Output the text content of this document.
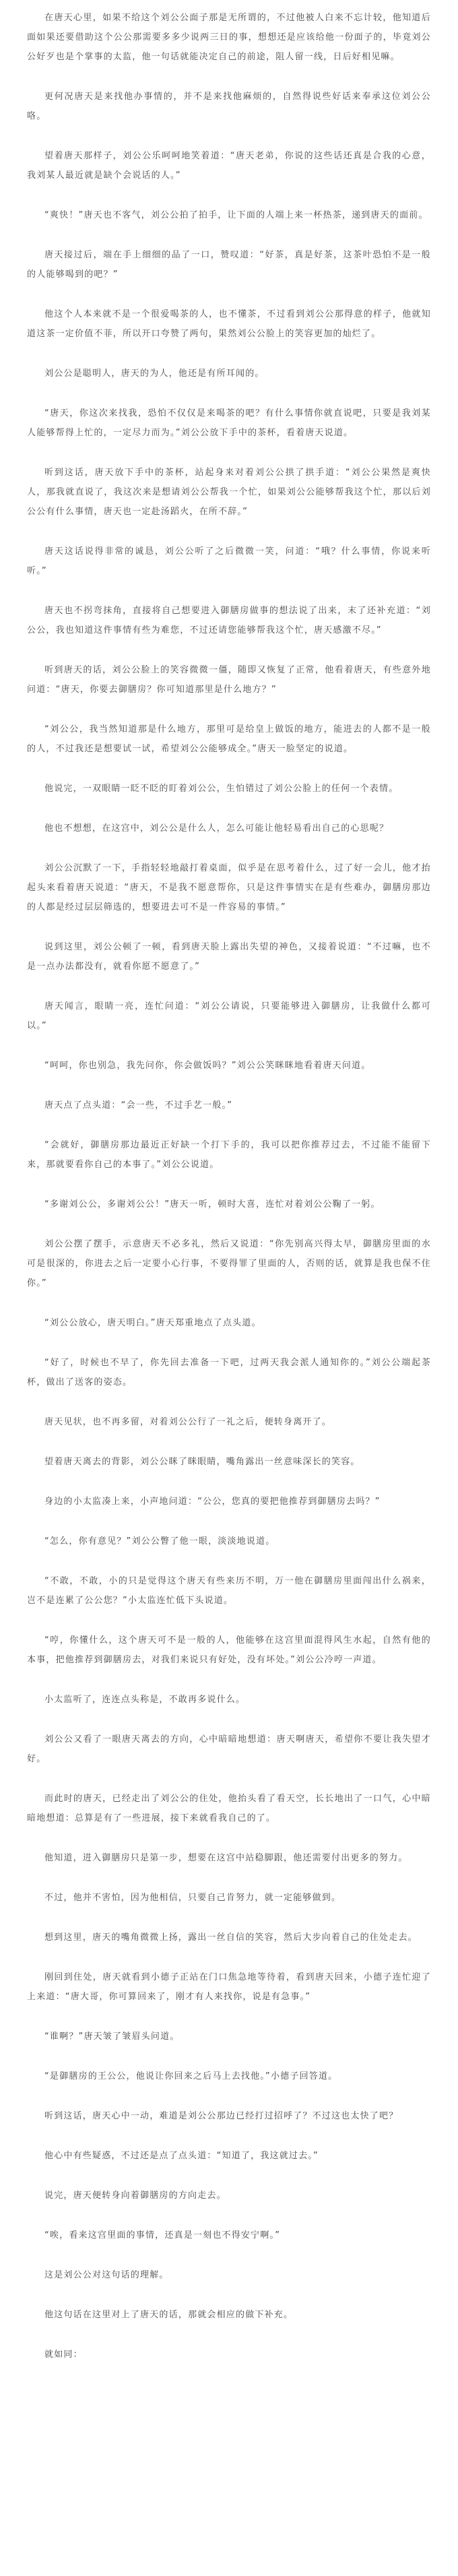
在唐天心里，如果不给这个刘公公面子那是无所谓的，不过他被人白来不忘计较，他知道后面如果还要借助这个公公那需要多多少说两三日的事，想想还是应该给他一份面子的，毕竟刘公公好歹也是个掌事的太监，他一句话就能决定自己的前途，阻人留一线，日后好相见嘛。

更何况唐天是来找他办事情的，并不是来找他麻烦的，自然得说些好话来奉承这位刘公公咯。

望着唐天那样子，刘公公乐呵呵地笑着道：“唐天老弟，你说的这些话还真是合我的心意，我刘某人最近就是缺个会说话的人。”

“爽快！”唐天也不客气，刘公公拍了拍手，让下面的人端上来一杯热茶，递到唐天的面前。

唐天接过后，端在手上细细的品了一口，赞叹道：“好茶，真是好茶，这茶叶恐怕不是一般的人能够喝到的吧？”

他这个人本来就不是一个很爱喝茶的人，也不懂茶，不过看到刘公公那得意的样子，他就知道这茶一定价值不菲，所以开口夸赞了两句，果然刘公公脸上的笑容更加的灿烂了。

刘公公是聪明人，唐天的为人，他还是有所耳闻的。

“唐天，你这次来找我，恐怕不仅仅是来喝茶的吧？有什么事情你就直说吧，只要是我刘某人能够帮得上忙的，一定尽力而为。”刘公公放下手中的茶杯，看着唐天说道。

听到这话，唐天放下手中的茶杯，站起身来对着刘公公拱了拱手道：“刘公公果然是爽快人，那我就直说了，我这次来是想请刘公公帮我一个忙，如果刘公公能够帮我这个忙，那以后刘公公有什么事情，唐天也一定赴汤蹈火，在所不辞。”

唐天这话说得非常的诚恳，刘公公听了之后微微一笑，问道：“哦？什么事情，你说来听听。”

唐天也不拐弯抹角，直接将自己想要进入御膳房做事的想法说了出来，末了还补充道：“刘公公，我也知道这件事情有些为难您，不过还请您能够帮我这个忙，唐天感激不尽。”

听到唐天的话，刘公公脸上的笑容微微一僵，随即又恢复了正常，他看着唐天，有些意外地问道：“唐天，你要去御膳房？你可知道那里是什么地方？”

“刘公公，我当然知道那是什么地方，那里可是给皇上做饭的地方，能进去的人都不是一般的人，不过我还是想要试一试，希望刘公公能够成全。”唐天一脸坚定的说道。

他说完，一双眼睛一眨不眨的盯着刘公公，生怕错过了刘公公脸上的任何一个表情。

他也不想想，在这宫中，刘公公是什么人，怎么可能让他轻易看出自己的心思呢？

刘公公沉默了一下，手指轻轻地敲打着桌面，似乎是在思考着什么，过了好一会儿，他才抬起头来看着唐天说道：“唐天，不是我不愿意帮你，只是这件事情实在是有些难办，御膳房那边的人都是经过层层筛选的，想要进去可不是一件容易的事情。”

说到这里，刘公公顿了一顿，看到唐天脸上露出失望的神色，又接着说道：“不过嘛，也不是一点办法都没有，就看你愿不愿意了。”

唐天闻言，眼睛一亮，连忙问道：“刘公公请说，只要能够进入御膳房，让我做什么都可以。”

“呵呵，你也别急，我先问你，你会做饭吗？”刘公公笑眯眯地看着唐天问道。

唐天点了点头道：“会一些，不过手艺一般。”

“会就好，御膳房那边最近正好缺一个打下手的，我可以把你推荐过去，不过能不能留下来，那就要看你自己的本事了。”刘公公说道。

“多谢刘公公，多谢刘公公！”唐天一听，顿时大喜，连忙对着刘公公鞠了一躬。

刘公公摆了摆手，示意唐天不必多礼，然后又说道：“你先别高兴得太早，御膳房里面的水可是很深的，你进去之后一定要小心行事，不要得罪了里面的人，否则的话，就算是我也保不住你。”

“刘公公放心，唐天明白。”唐天郑重地点了点头道。

“好了，时候也不早了，你先回去准备一下吧，过两天我会派人通知你的。”刘公公端起茶杯，做出了送客的姿态。

唐天见状，也不再多留，对着刘公公行了一礼之后，便转身离开了。

望着唐天离去的背影，刘公公眯了眯眼睛，嘴角露出一丝意味深长的笑容。

身边的小太监凑上来，小声地问道：“公公，您真的要把他推荐到御膳房去吗？”

“怎么，你有意见？”刘公公瞥了他一眼，淡淡地说道。

“不敢，不敢，小的只是觉得这个唐天有些来历不明，万一他在御膳房里面闯出什么祸来，岂不是连累了公公您？”小太监连忙低下头说道。

“哼，你懂什么，这个唐天可不是一般的人，他能够在这宫里面混得风生水起，自然有他的本事，把他推荐到御膳房去，对我们来说只有好处，没有坏处。”刘公公冷哼一声道。

小太监听了，连连点头称是，不敢再多说什么。

刘公公又看了一眼唐天离去的方向，心中暗暗地想道：唐天啊唐天，希望你不要让我失望才好。

而此时的唐天，已经走出了刘公公的住处，他抬头看了看天空，长长地出了一口气，心中暗暗地想道：总算是有了一些进展，接下来就看我自己的了。

他知道，进入御膳房只是第一步，想要在这宫中站稳脚跟，他还需要付出更多的努力。

不过，他并不害怕，因为他相信，只要自己肯努力，就一定能够做到。

想到这里，唐天的嘴角微微上扬，露出一丝自信的笑容，然后大步向着自己的住处走去。

刚回到住处，唐天就看到小德子正站在门口焦急地等待着，看到唐天回来，小德子连忙迎了上来道：“唐大哥，你可算回来了，刚才有人来找你，说是有急事。”

“谁啊？”唐天皱了皱眉头问道。

“是御膳房的王公公，他说让你回来之后马上去找他。”小德子回答道。

听到这话，唐天心中一动，难道是刘公公那边已经打过招呼了？不过这也太快了吧？

他心中有些疑惑，不过还是点了点头道：“知道了，我这就过去。”

说完，唐天便转身向着御膳房的方向走去。

“唉，看来这宫里面的事情，还真是一刻也不得安宁啊。”

这是刘公公对这句话的理解。

他这句话在这里对上了唐天的话，那就会相应的做下补充。

就如同：
